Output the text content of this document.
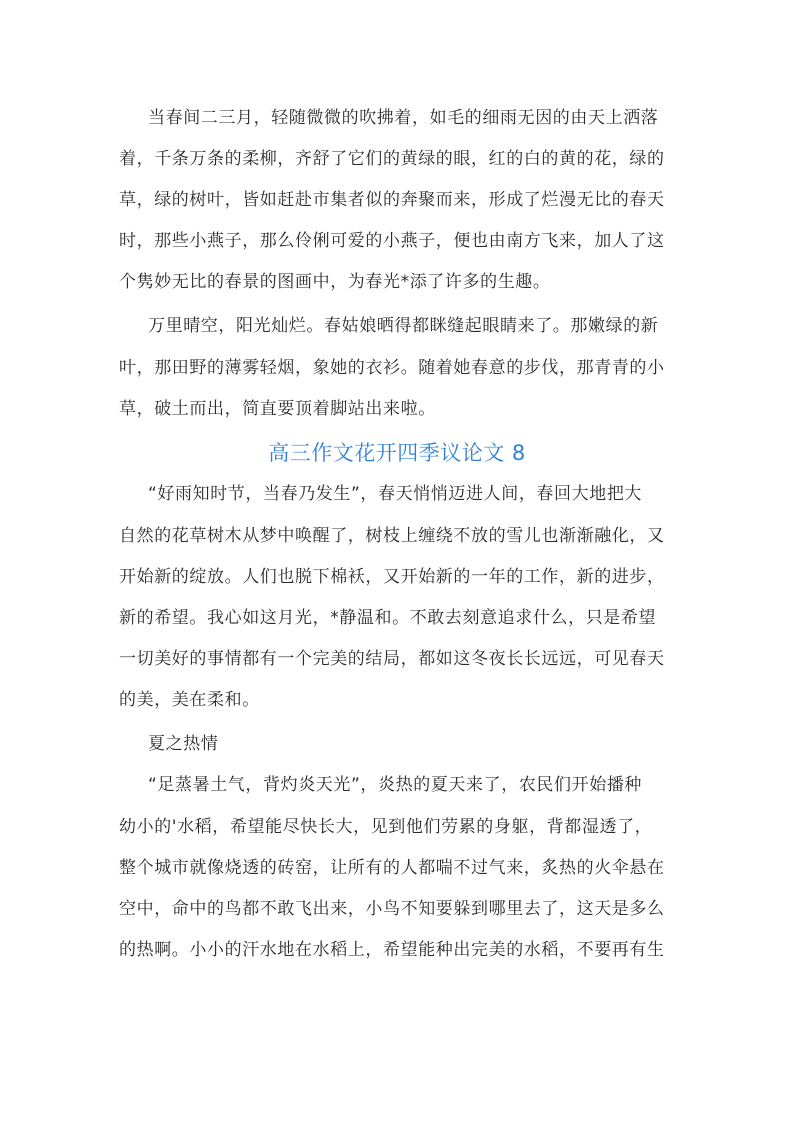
当春间二三月，轻随微微的吹拂着，如毛的细雨无因的由天上洒落
着，千条万条的柔柳，齐舒了它们的黄绿的眼，红的白的黄的花，绿的
草，绿的树叶，皆如赶赴市集者似的奔聚而来，形成了烂漫无比的春天
时，那些小燕子，那么伶俐可爱的小燕子，便也由南方飞来，加人了这
个隽妙无比的春景的图画中，为春光*添了许多的生趣。
万里晴空，阳光灿烂。春姑娘晒得都眯缝起眼睛来了。那嫩绿的新
叶，那田野的薄雾轻烟，象她的衣衫。随着她春意的步伐，那青青的小
草，破土而出，简直要顶着脚站出来啦。
高三作文花开四季议论文 8
“好雨知时节，当春乃发生”，春天悄悄迈进人间，春回大地把大
自然的花草树木从梦中唤醒了，树枝上缠绕不放的雪儿也渐渐融化，又
开始新的绽放。人们也脱下棉袄，又开始新的一年的工作，新的进步，
新的希望。我心如这月光，*静温和。不敢去刻意追求什么，只是希望
一切美好的事情都有一个完美的结局，都如这冬夜长长远远，可见春天
的美，美在柔和。
夏之热情
“足蒸暑土气，背灼炎天光”，炎热的夏天来了，农民们开始播种
幼小的'水稻，希望能尽快长大，见到他们劳累的身躯，背都湿透了，
整个城市就像烧透的砖窑，让所有的人都喘不过气来，炙热的火伞悬在
空中，命中的鸟都不敢飞出来，小鸟不知要躲到哪里去了，这天是多么
的热啊。小小的汗水地在水稻上，希望能种出完美的水稻，不要再有生
